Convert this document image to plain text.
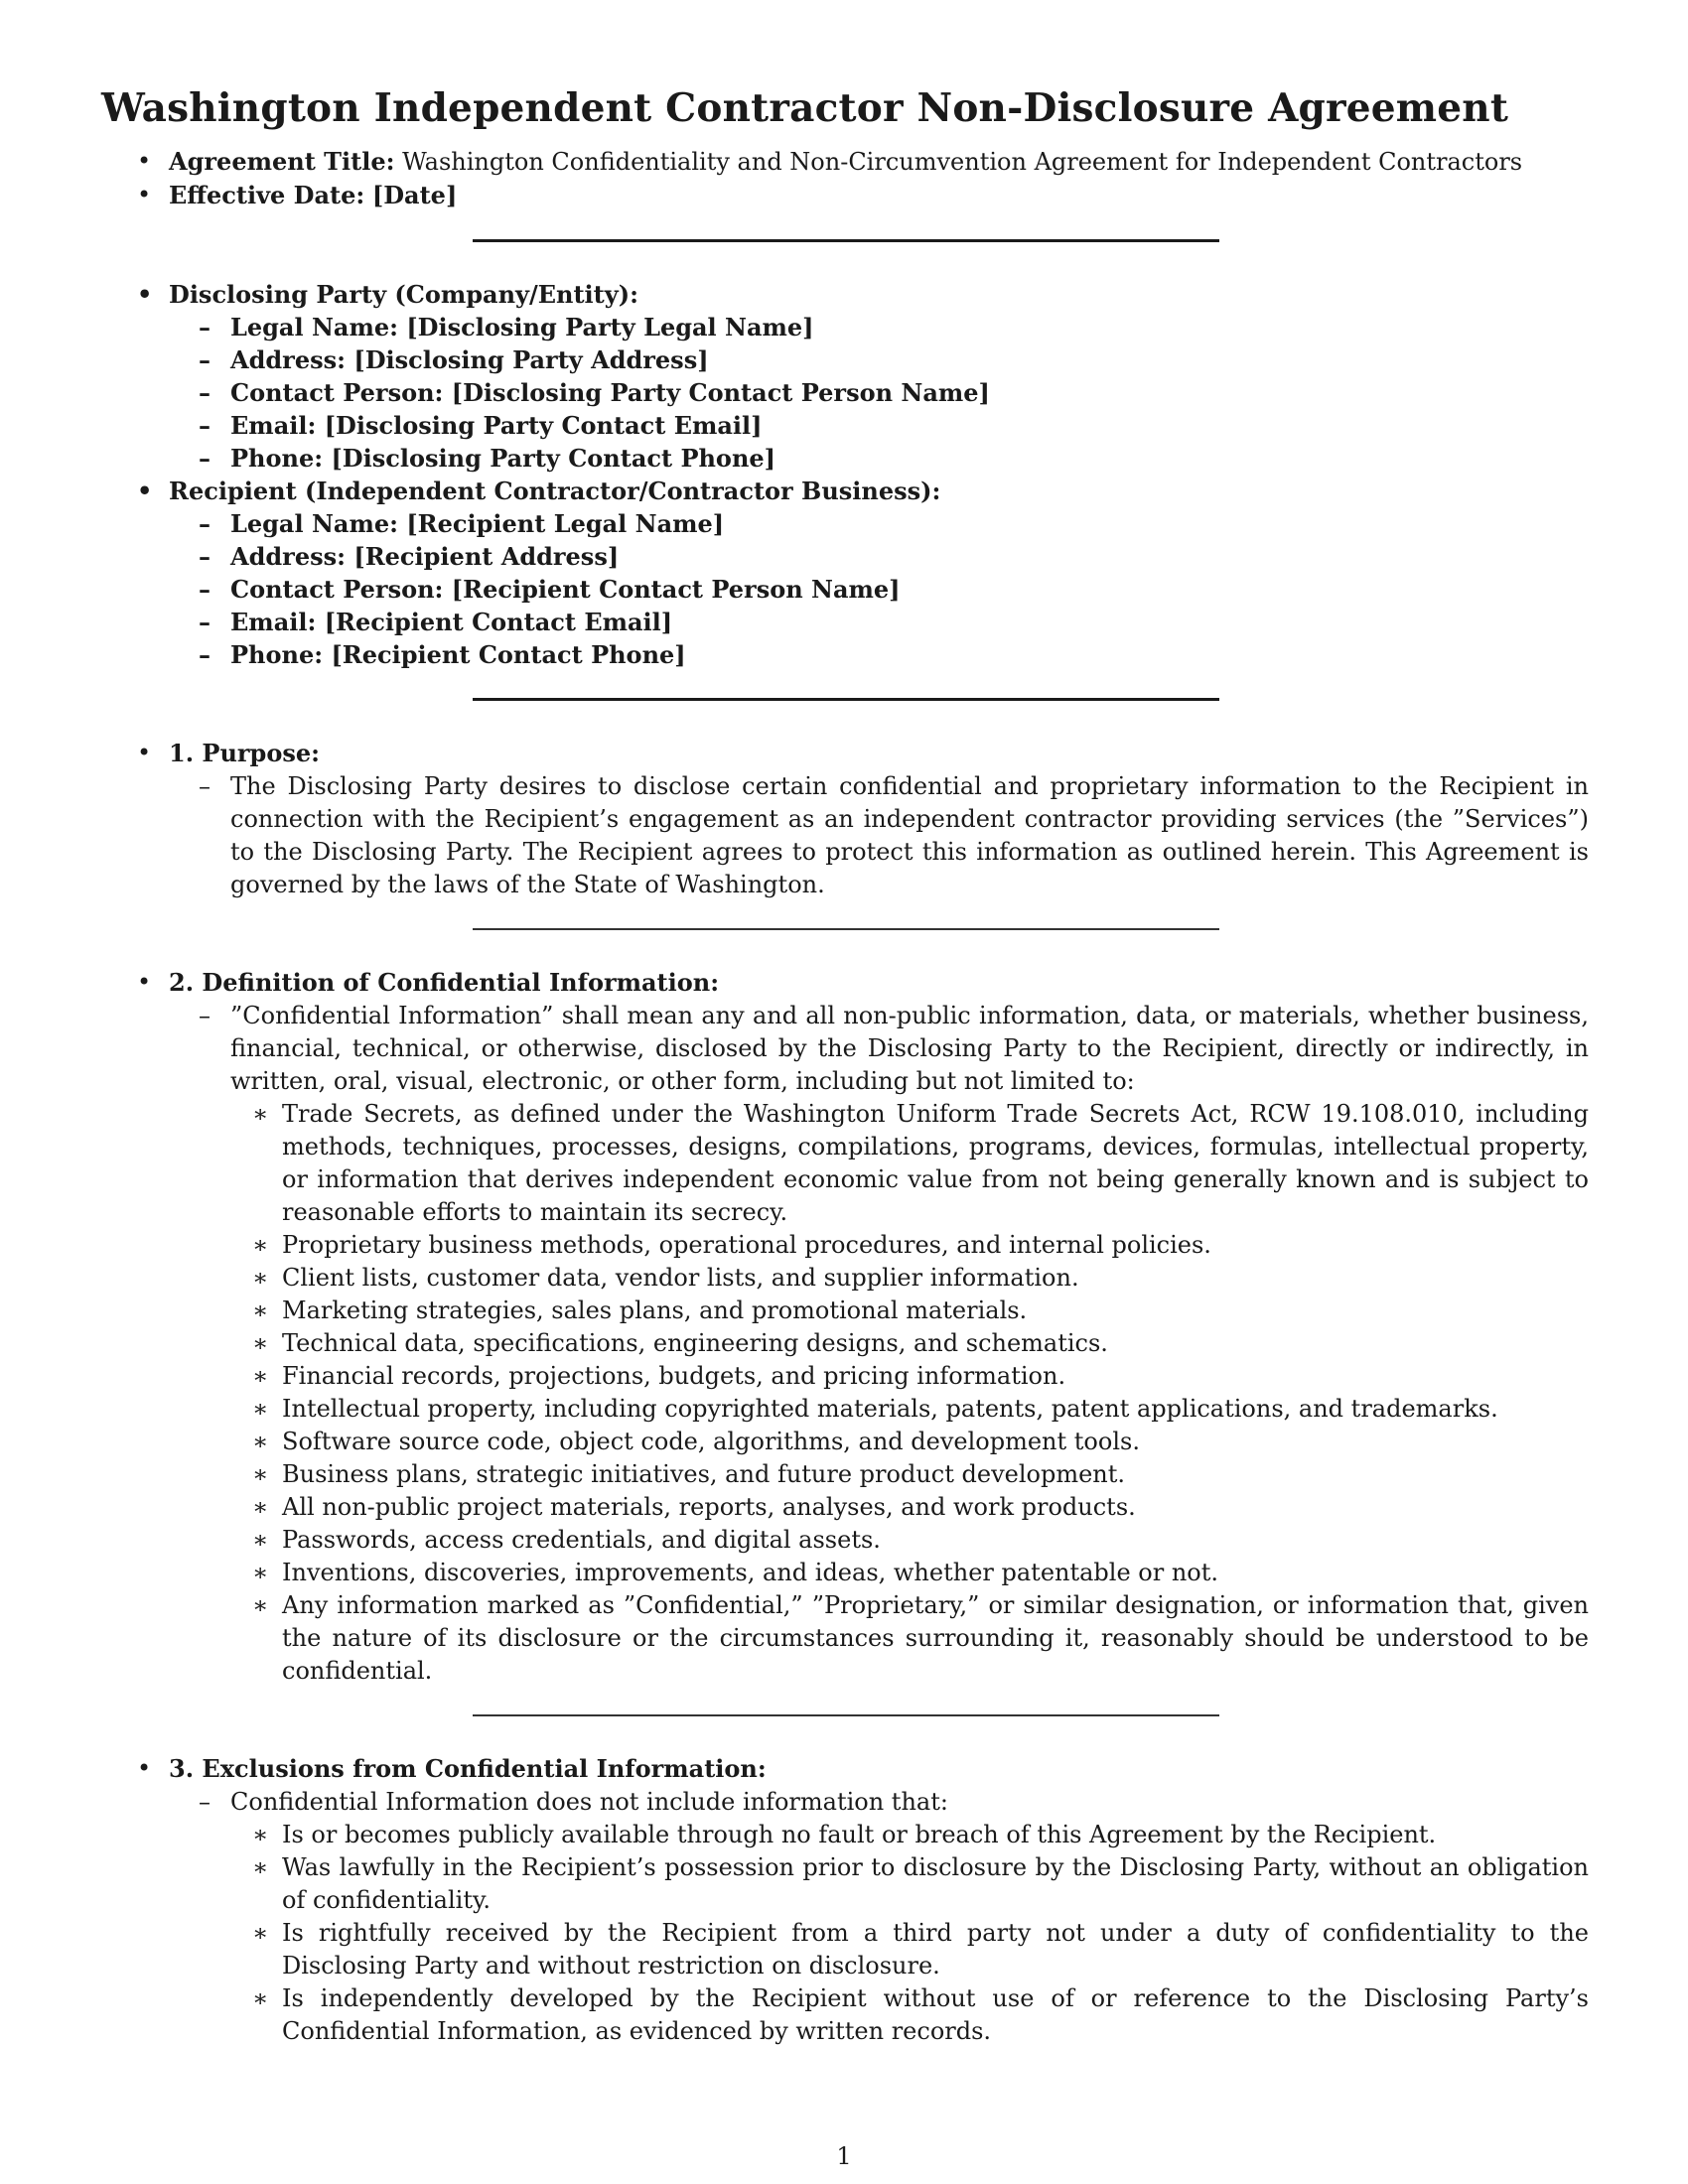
Washington Independent Contractor Non-Disclosure Agreement
• Agreement Title: Washington Confidentiality and Non-Circumvention Agreement for Independent Contractors
• Effective Date: [Date]
• Disclosing Party (Company/Entity):
– Legal Name: [Disclosing Party Legal Name]
– Address: [Disclosing Party Address]
– Contact Person: [Disclosing Party Contact Person Name]
– Email: [Disclosing Party Contact Email]
– Phone: [Disclosing Party Contact Phone]
• Recipient (Independent Contractor/Contractor Business):
– Legal Name: [Recipient Legal Name]
– Address: [Recipient Address]
– Contact Person: [Recipient Contact Person Name]
– Email: [Recipient Contact Email]
– Phone: [Recipient Contact Phone]
• 1. Purpose:
– The Disclosing Party desires to disclose certain confidential and proprietary information to the Recipient in connection with the Recipient’s engagement as an independent contractor providing services (the ”Services”) to the Disclosing Party. The Recipient agrees to protect this information as outlined herein. This Agreement is governed by the laws of the State of Washington.
• 2. Definition of Confidential Information:
– ”Confidential Information” shall mean any and all non-public information, data, or materials, whether business, financial, technical, or otherwise, disclosed by the Disclosing Party to the Recipient, directly or indirectly, in written, oral, visual, electronic, or other form, including but not limited to:
∗ Trade Secrets, as defined under the Washington Uniform Trade Secrets Act, RCW 19.108.010, including methods, techniques, processes, designs, compilations, programs, devices, formulas, intellectual property, or information that derives independent economic value from not being generally known and is subject to reasonable efforts to maintain its secrecy.
∗ Proprietary business methods, operational procedures, and internal policies.
∗ Client lists, customer data, vendor lists, and supplier information.
∗ Marketing strategies, sales plans, and promotional materials.
∗ Technical data, specifications, engineering designs, and schematics.
∗ Financial records, projections, budgets, and pricing information.
∗ Intellectual property, including copyrighted materials, patents, patent applications, and trademarks.
∗ Software source code, object code, algorithms, and development tools.
∗ Business plans, strategic initiatives, and future product development.
∗ All non-public project materials, reports, analyses, and work products.
∗ Passwords, access credentials, and digital assets.
∗ Inventions, discoveries, improvements, and ideas, whether patentable or not.
∗ Any information marked as ”Confidential,” ”Proprietary,” or similar designation, or information that, given the nature of its disclosure or the circumstances surrounding it, reasonably should be understood to be confidential.
• 3. Exclusions from Confidential Information:
– Confidential Information does not include information that:
∗ Is or becomes publicly available through no fault or breach of this Agreement by the Recipient.
∗ Was lawfully in the Recipient’s possession prior to disclosure by the Disclosing Party, without an obligation of confidentiality.
∗ Is rightfully received by the Recipient from a third party not under a duty of confidentiality to the Disclosing Party and without restriction on disclosure.
∗ Is independently developed by the Recipient without use of or reference to the Disclosing Party’s Confidential Information, as evidenced by written records.
1
